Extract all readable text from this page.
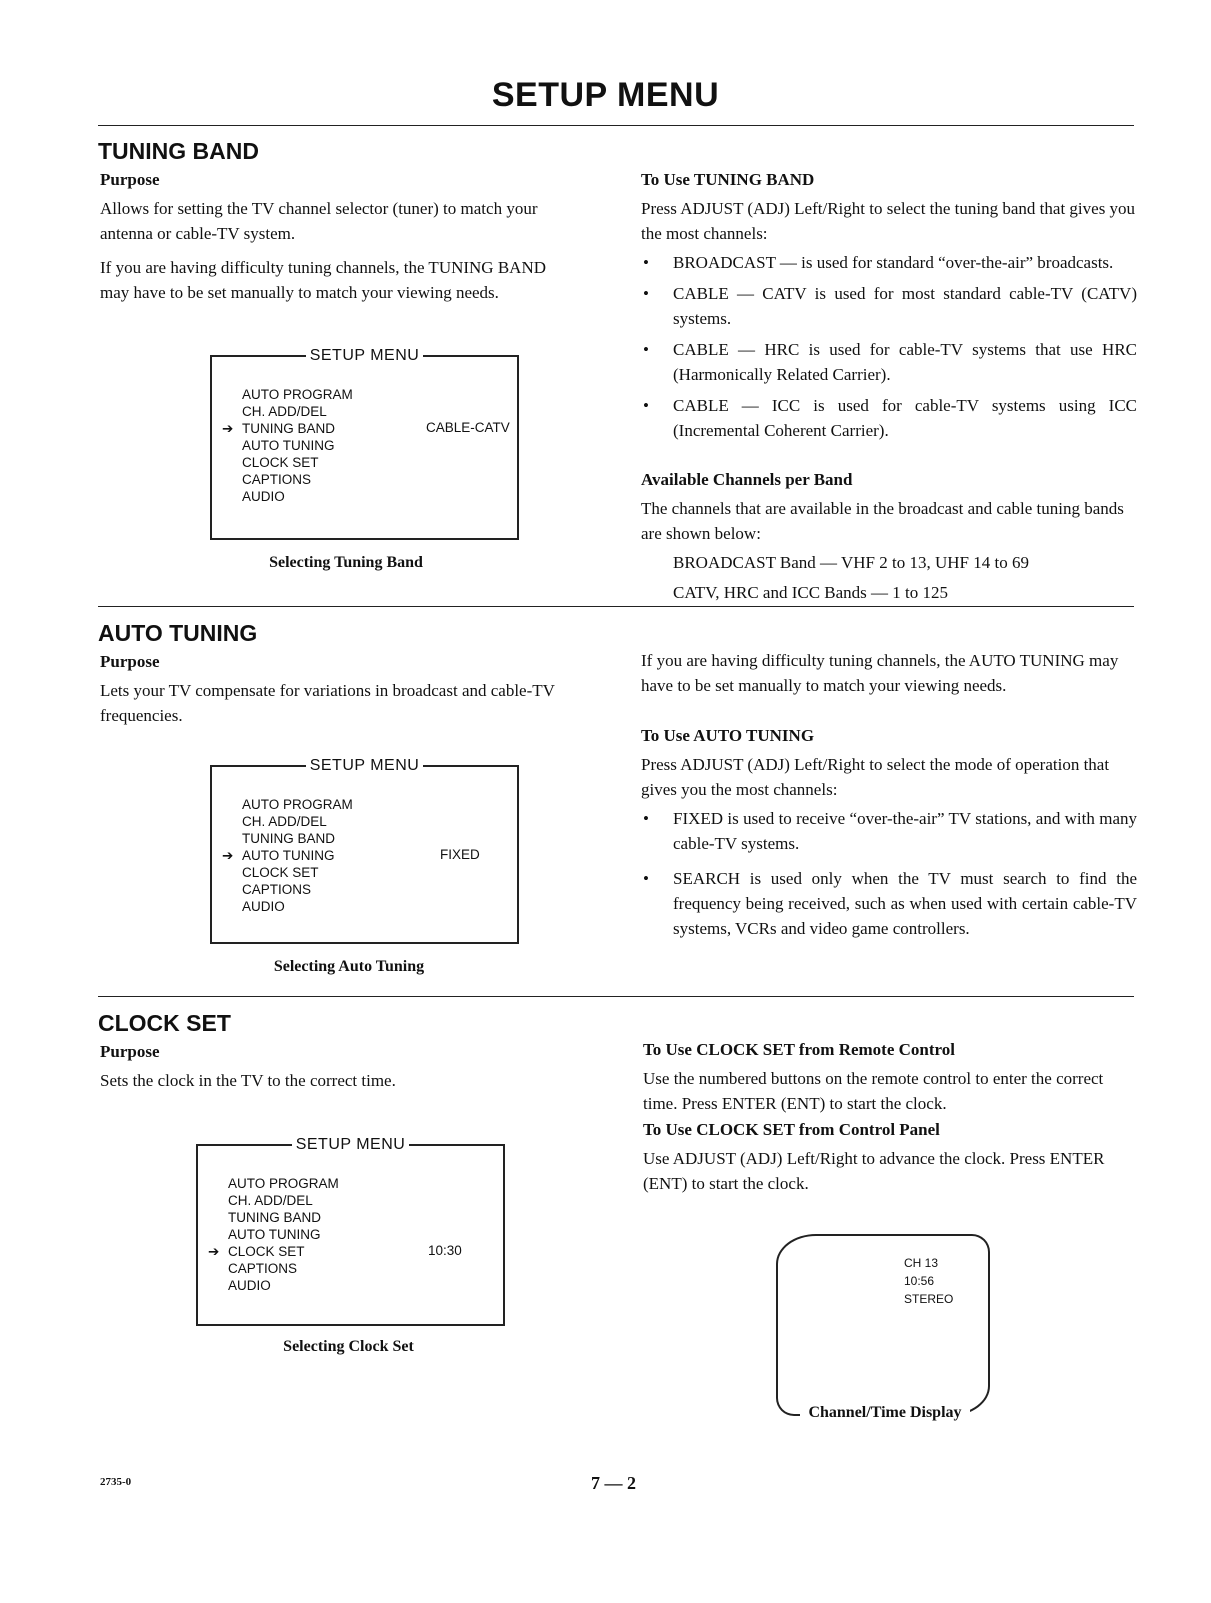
SETUP MENU
TUNING BAND
Purpose

Allows for setting the TV channel selector (tuner) to match your antenna or cable-TV system.

If you are having difficulty tuning channels, the TUNING BAND may have to be set manually to match your viewing needs.

SETUP MENU
AUTO PROGRAM
CH. ADD/DEL
➔ TUNING BAND
AUTO TUNING
CLOCK SET
CAPTIONS
AUDIO
CABLE-CATV
Selecting Tuning Band
To Use TUNING BAND

Press ADJUST (ADJ) Left/Right to select the tuning band that gives you the most channels:

• BROADCAST — is used for standard “over-the-air” broadcasts.
• CABLE — CATV is used for most standard cable-TV (CATV) systems.
• CABLE — HRC is used for cable-TV systems that use HRC (Harmonically Related Carrier).
• CABLE — ICC is used for cable-TV systems using ICC (Incremental Coherent Carrier).
Available Channels per Band

The channels that are available in the broadcast and cable tuning bands are shown below:

BROADCAST Band — VHF 2 to 13, UHF 14 to 69
CATV, HRC and ICC Bands — 1 to 125
AUTO TUNING
Purpose

Lets your TV compensate for variations in broadcast and cable-TV frequencies.

SETUP MENU
AUTO PROGRAM
CH. ADD/DEL
TUNING BAND
➔ AUTO TUNING
CLOCK SET
CAPTIONS
AUDIO
FIXED
Selecting Auto Tuning

If you are having difficulty tuning channels, the AUTO TUNING may have to be set manually to match your viewing needs.

To Use AUTO TUNING

Press ADJUST (ADJ) Left/Right to select the mode of operation that gives you the most channels:

• FIXED is used to receive “over-the-air” TV stations, and with many cable-TV systems.
• SEARCH is used only when the TV must search to find the frequency being received, such as when used with certain cable-TV systems, VCRs and video game controllers.
CLOCK SET
Purpose

Sets the clock in the TV to the correct time.

SETUP MENU
AUTO PROGRAM
CH. ADD/DEL
TUNING BAND
AUTO TUNING
➔ CLOCK SET
CAPTIONS
AUDIO
10:30
Selecting Clock Set
To Use CLOCK SET from Remote Control

Use the numbered buttons on the remote control to enter the correct time. Press ENTER (ENT) to start the clock.

To Use CLOCK SET from Control Panel

Use ADJUST (ADJ) Left/Right to advance the clock. Press ENTER (ENT) to start the clock.

CH 13
10:56
STEREO
Channel/Time Display
2735-0	7 — 2
